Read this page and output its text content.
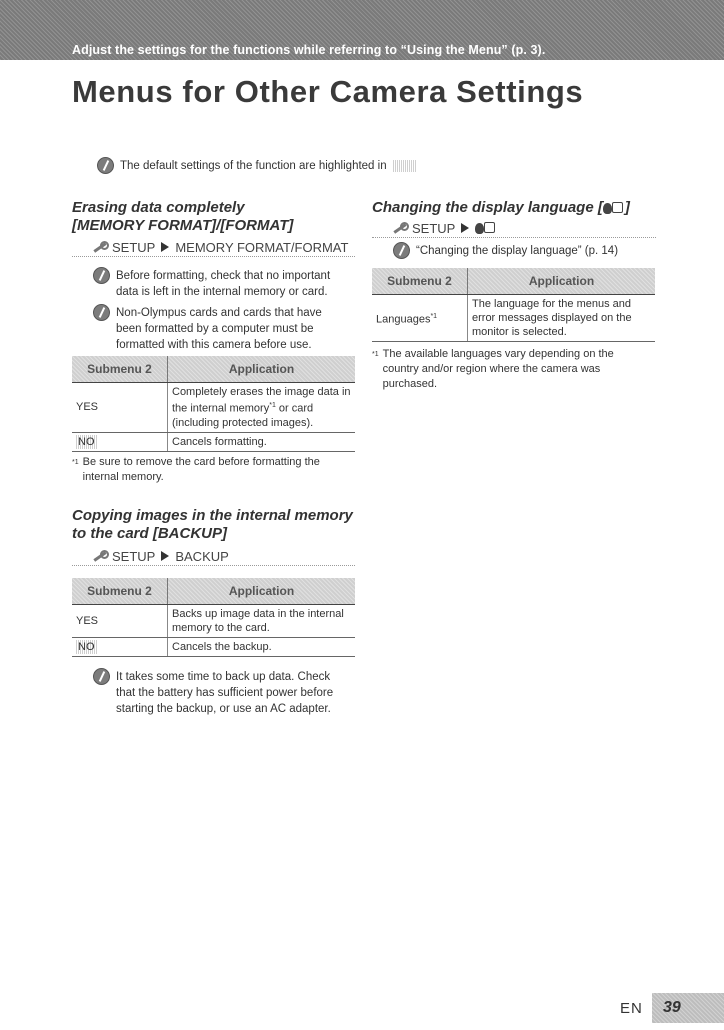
Adjust the settings for the functions while referring to “Using the Menu” (p. 3).
Menus for Other Camera Settings
The default settings of the function are highlighted in
Erasing data completely
[MEMORY FORMAT]/[FORMAT]
SETUP MEMORY FORMAT/FORMAT

Before formatting, check that no important data is left in the internal memory or card.

Non-Olympus cards and cards that have been formatted by a computer must be formatted with this camera before use.

Submenu 2	Application
YES	Completely erases the image data in the internal memory$^{*1}$ or card (including protected images).
NO	Cancels formatting.
*1 Be sure to remove the card before formatting the internal memory.

Copying images in the internal memory
to the card [BACKUP]
SETUP BACKUP
Submenu 2	Application
YES	Backs up image data in the internal memory to the card.
NO	Cancels the backup.

It takes some time to back up data. Check that the battery has sufficient power before starting the backup, or use an AC adapter.

Changing the display language [ ]
SETUP

“Changing the display language” (p. 14)

Submenu 2	Application
Languages$^{*1}$	The language for the menus and error messages displayed on the monitor is selected.
*1 The available languages vary depending on the country and/or region where the camera was purchased.

EN 39
